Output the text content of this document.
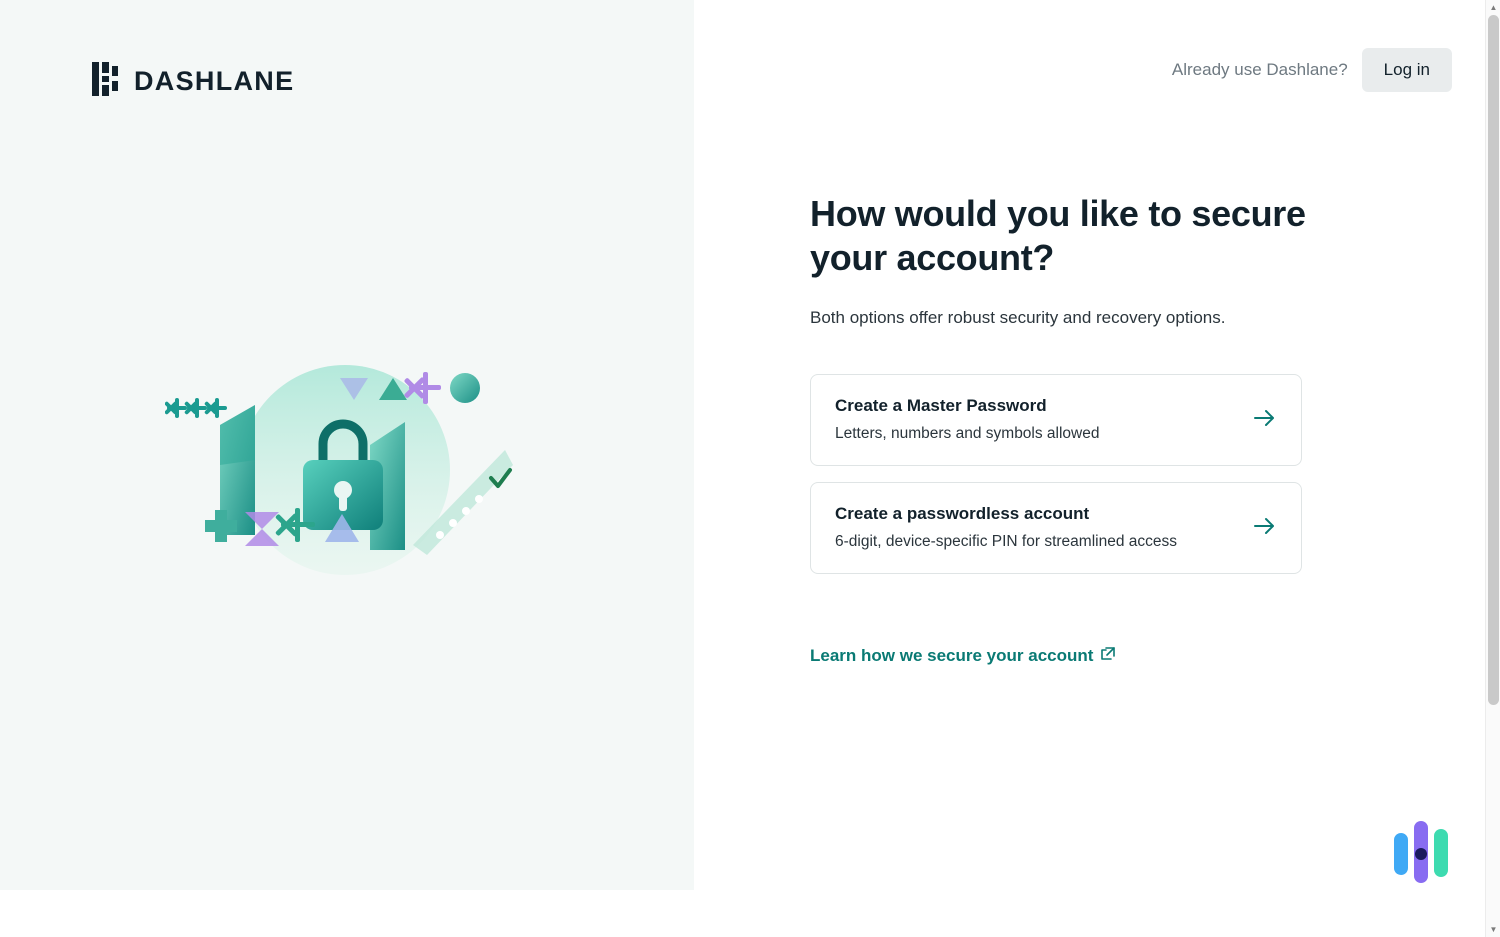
DASHLANE	Already use Dashlane?	Log in
How would you like to secure your account?

Both options offer robust security and recovery options.

Create a Master Password
Letters, numbers and symbols allowed
Create a passwordless account
6-digit, device-specific PIN for streamlined access
Learn how we secure your account
▲
▼
